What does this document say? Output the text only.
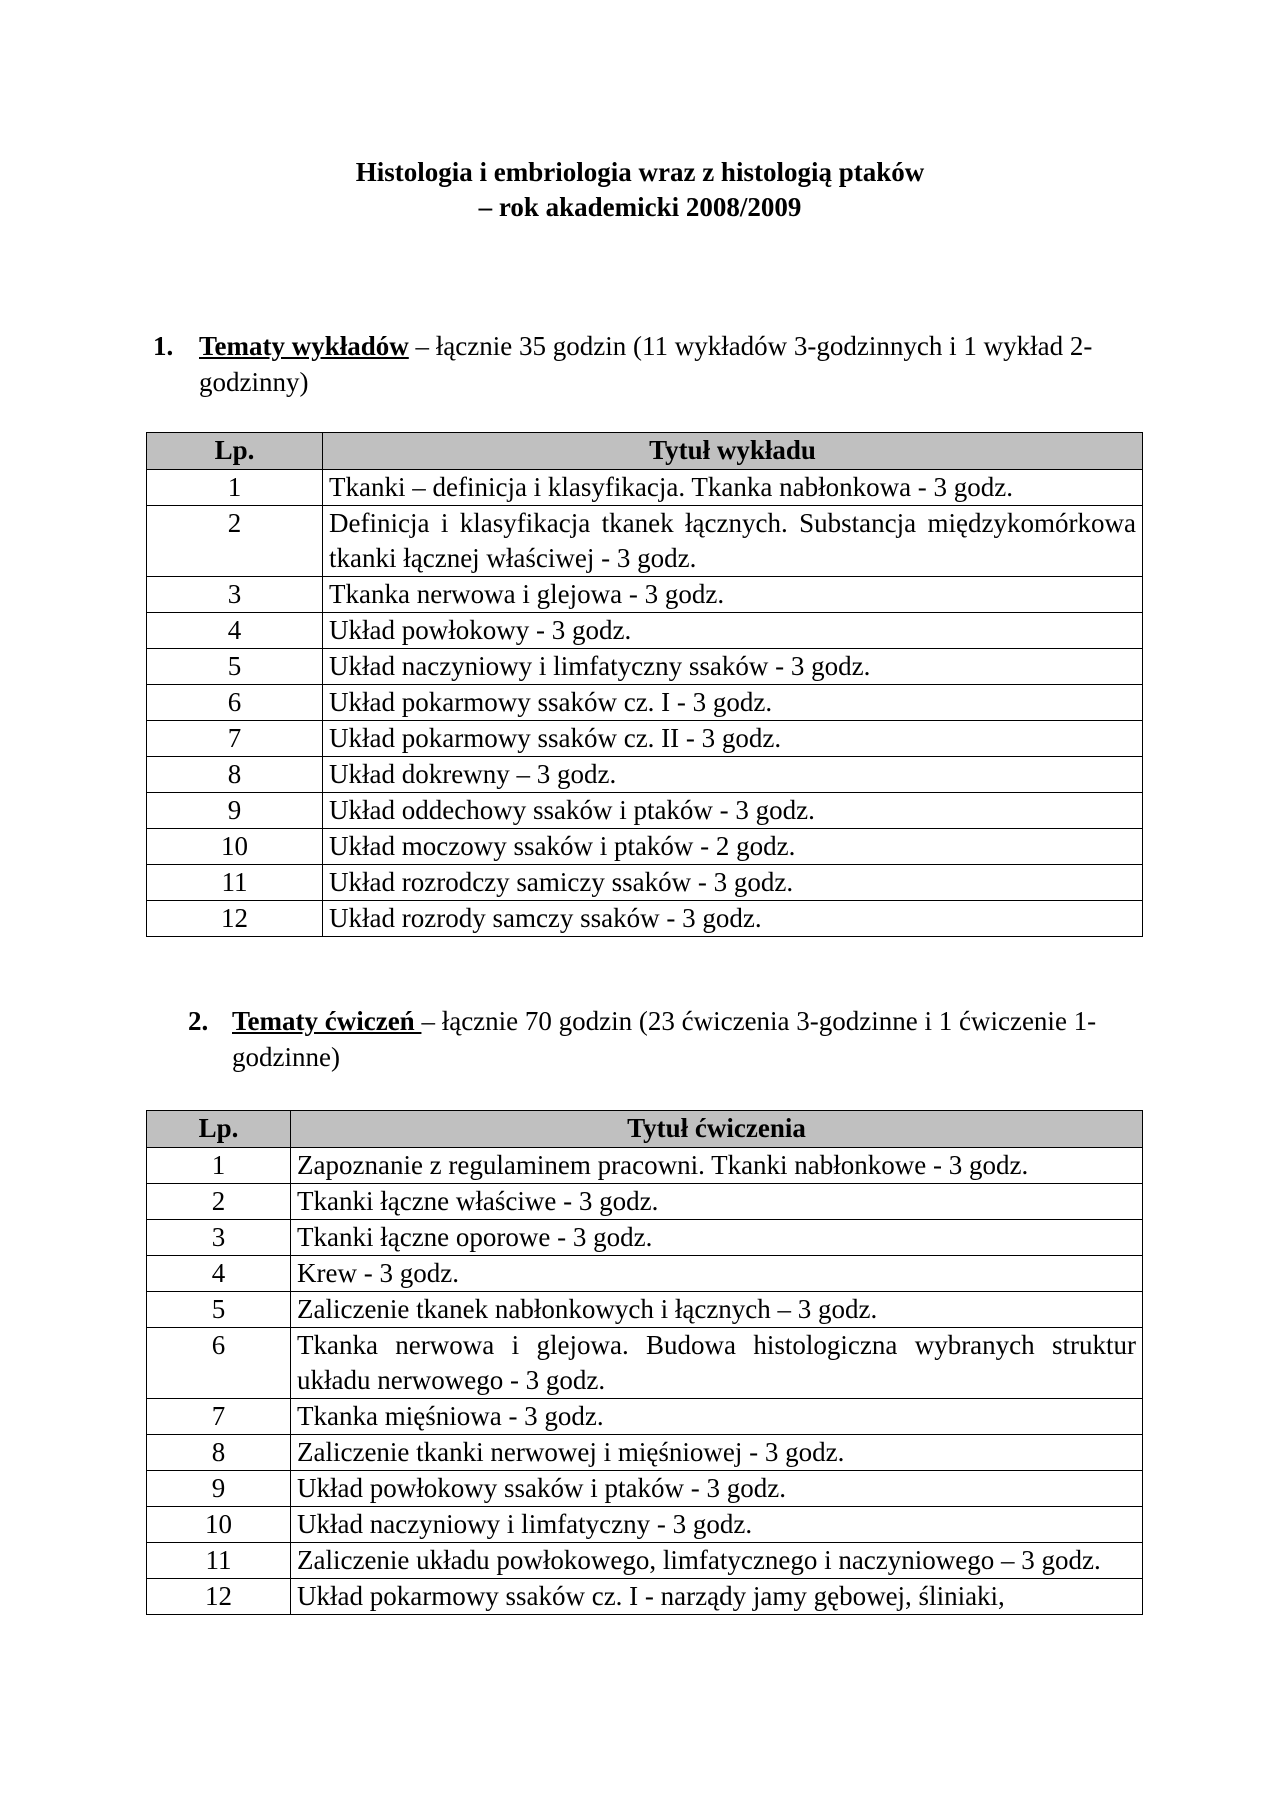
Histologia i embriologia wraz z histologią ptaków
– rok akademicki 2008/2009
1. Tematy wykładów – łącznie 35 godzin (11 wykładów 3-godzinnych i 1 wykład 2-godzinny)
Lp.	Tytuł wykładu
1	Tkanki – definicja i klasyfikacja. Tkanka nabłonkowa - 3 godz.
2	Definicja i klasyfikacja tkanek łącznych. Substancja międzykomórkowa tkanki łącznej właściwej - 3 godz.
3	Tkanka nerwowa i glejowa - 3 godz.
4	Układ powłokowy - 3 godz.
5	Układ naczyniowy i limfatyczny ssaków - 3 godz.
6	Układ pokarmowy ssaków cz. I - 3 godz.
7	Układ pokarmowy ssaków cz. II - 3 godz.
8	Układ dokrewny – 3 godz.
9	Układ oddechowy ssaków i ptaków - 3 godz.
10	Układ moczowy ssaków i ptaków - 2 godz.
11	Układ rozrodczy samiczy ssaków - 3 godz.
12	Układ rozrody samczy ssaków - 3 godz.
2. Tematy ćwiczeń – łącznie 70 godzin (23 ćwiczenia 3-godzinne i 1 ćwiczenie 1-godzinne)
Lp.	Tytuł ćwiczenia
1	Zapoznanie z regulaminem pracowni. Tkanki nabłonkowe - 3 godz.
2	Tkanki łączne właściwe - 3 godz.
3	Tkanki łączne oporowe - 3 godz.
4	Krew - 3 godz.
5	Zaliczenie tkanek nabłonkowych i łącznych – 3 godz.
6	Tkanka nerwowa i glejowa. Budowa histologiczna wybranych struktur układu nerwowego - 3 godz.
7	Tkanka mięśniowa - 3 godz.
8	Zaliczenie tkanki nerwowej i mięśniowej - 3 godz.
9	Układ powłokowy ssaków i ptaków - 3 godz.
10	Układ naczyniowy i limfatyczny - 3 godz.
11	Zaliczenie układu powłokowego, limfatycznego i naczyniowego – 3 godz.
12	Układ pokarmowy ssaków cz. I - narządy jamy gębowej, śliniaki,
